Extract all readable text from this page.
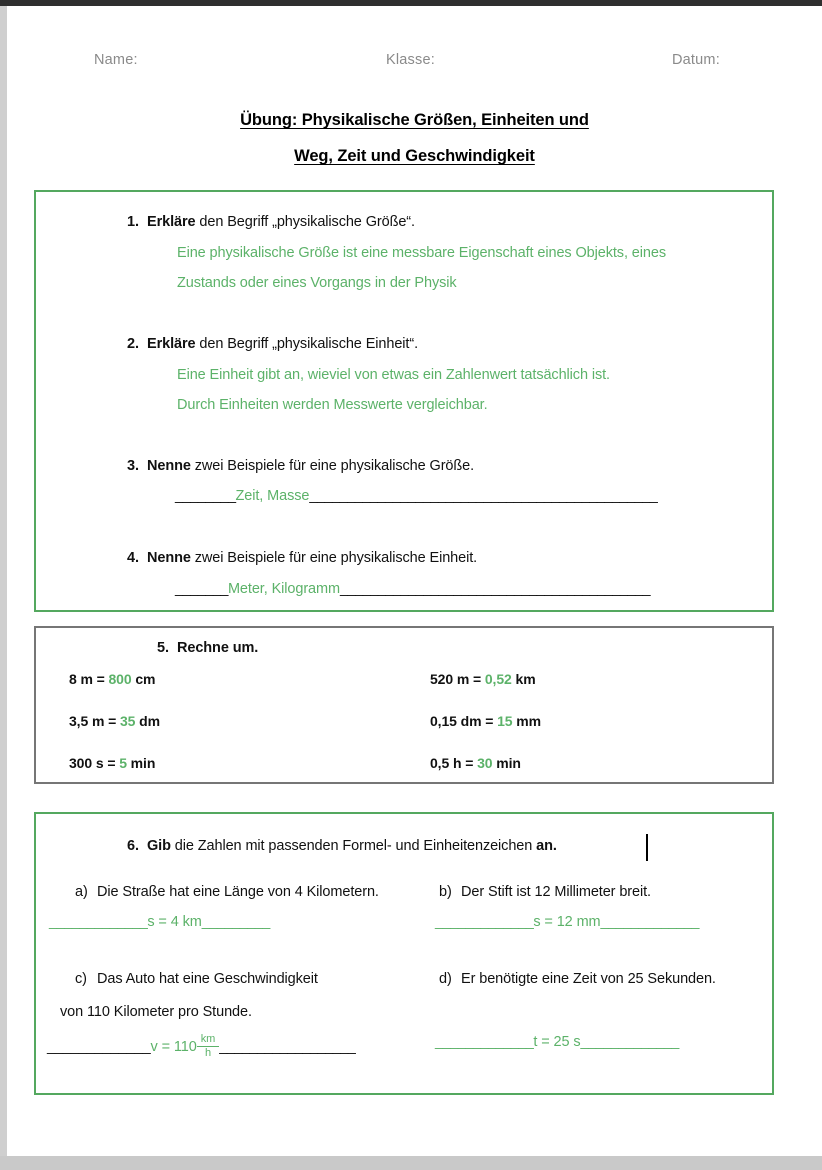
Name:	Klasse:	Datum:
Übung: Physikalische Größen, Einheiten und
Weg, Zeit und Geschwindigkeit
1. Erkläre den Begriff „physikalische Größe“.
Eine physikalische Größe ist eine messbare Eigenschaft eines Objekts, eines
Zustands oder eines Vorgangs in der Physik
2. Erkläre den Begriff „physikalische Einheit“.
Eine Einheit gibt an, wieviel von etwas ein Zahlenwert tatsächlich ist.
Durch Einheiten werden Messwerte vergleichbar.
3. Nenne zwei Beispiele für eine physikalische Größe.
________Zeit, Masse______________________________________________
4. Nenne zwei Beispiele für eine physikalische Einheit.
_______Meter, Kilogramm_________________________________________
5. Rechne um.
8 m = 800 cm
3,5 m = 35 dm
300 s = 5 min
520 m = 0,52 km
0,15 dm = 15 mm
0,5 h = 30 min
6. Gib die Zahlen mit passenden Formel- und Einheitenzeichen an.
a) Die Straße hat eine Länge von 4 Kilometern.
_____________s = 4 km_________
b) Der Stift ist 12 Millimeter breit.
_____________s = 12 mm_____________
c) Das Auto hat eine Geschwindigkeit
von 110 Kilometer pro Stunde.
_____________ $v = 110 \frac{km}{h}$ __________________
d) Er benötigte eine Zeit von 25 Sekunden.
_____________t = 25 s_____________
